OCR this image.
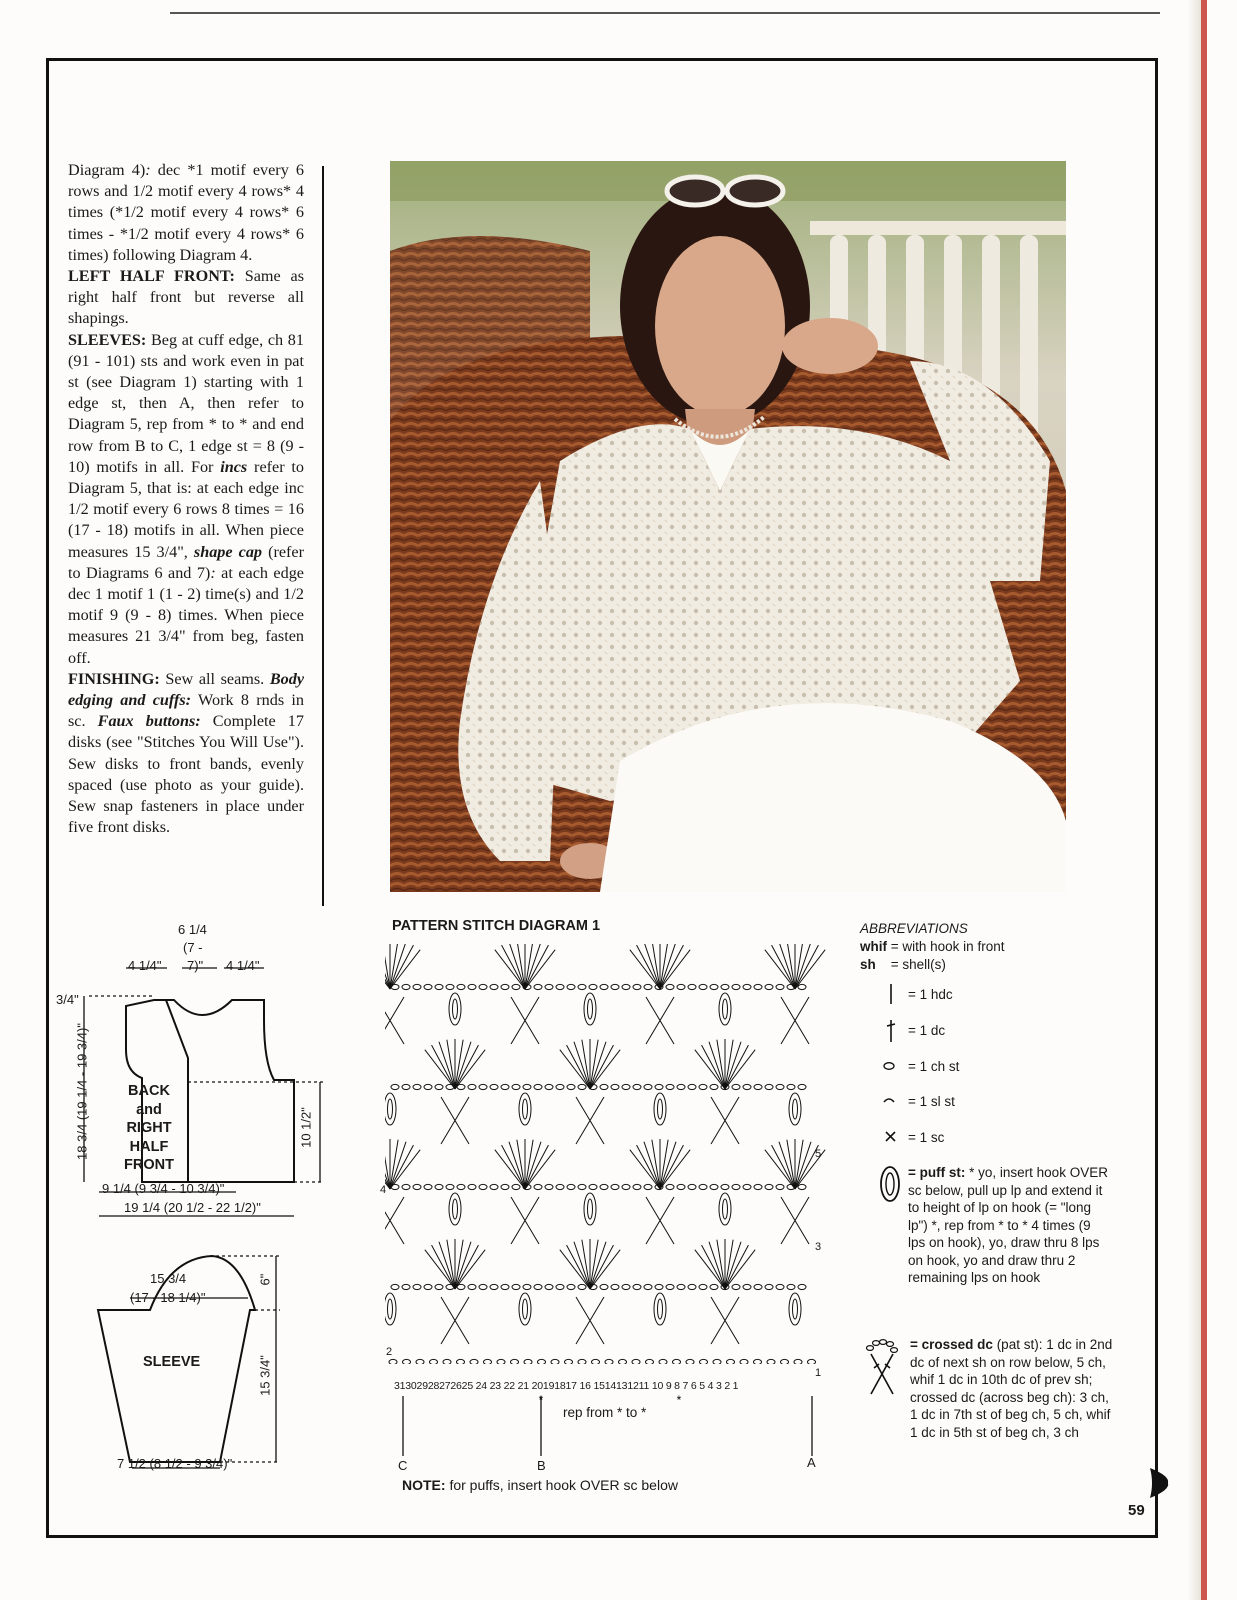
Diagram 4): dec *1 motif every 6 rows and 1/2 motif every 4 rows* 4 times (*1/2 motif every 4 rows* 6 times - *1/2 motif every 4 rows* 6 times) following Diagram 4.

LEFT HALF FRONT: Same as right half front but reverse all shapings.

SLEEVES: Beg at cuff edge, ch 81 (91 - 101) sts and work even in pat st (see Diagram 1) starting with 1 edge st, then A, then refer to Diagram 5, rep from * to * and end row from B to C, 1 edge st = 8 (9 - 10) motifs in all. For incs refer to Diagram 5, that is: at each edge inc 1/2 motif every 6 rows 8 times = 16 (17 - 18) motifs in all. When piece measures 15 3/4", shape cap (refer to Diagrams 6 and 7): at each edge dec 1 motif 1 (1 - 2) time(s) and 1/2 motif 9 (9 - 8) times. When piece measures 21 3/4" from beg, fasten off.

FINISHING: Sew all seams. Body edging and cuffs: Work 8 rnds in sc. Faux buttons: Complete 17 disks (see "Stitches You Will Use"). Sew disks to front bands, evenly spaced (use photo as your guide). Sew snap fasteners in place under five front disks.

6 1/4
(7 -
7)"
4 1/4"	4 1/4"
3/4"
18 3/4 (19 1/4 - 19 3/4)"	10 1/2"
BACK
and
RIGHT
HALF
FRONT
9 1/4 (9 3/4 - 10 3/4)"
19 1/4 (20 1/2 - 22 1/2)"
15 3/4
(17 - 18 1/4)"
6"
SLEEVE	15 3/4"
7 1/2 (8 1/2 - 9 3/4)"
PATTERN STITCH DIAGRAM 1
31302928272625 24 23 22 21 20191817 16 1514131211 10 9 8 7 6 5 4 3 2 1
1
3
5
2
4
*	*
rep from * to *
C	B	A
NOTE: for puffs, insert hook OVER sc below
ABBREVIATIONS
whif = with hook in front
sh = shell(s)
= 1 hdc
= 1 dc
= 1 ch st
= 1 sl st
= 1 sc
= puff st: * yo, insert hook OVER sc below, pull up lp and extend it to height of lp on hook (= "long lp") *, rep from * to * 4 times (9 lps on hook), yo, draw thru 8 lps on hook, yo and draw thru 2 remaining lps on hook
= crossed dc (pat st): 1 dc in 2nd dc of next sh on row below, 5 ch, whif 1 dc in 10th dc of prev sh; crossed dc (across beg ch): 3 ch, 1 dc in 7th st of beg ch, 5 ch, whif 1 dc in 5th st of beg ch, 3 ch
59
